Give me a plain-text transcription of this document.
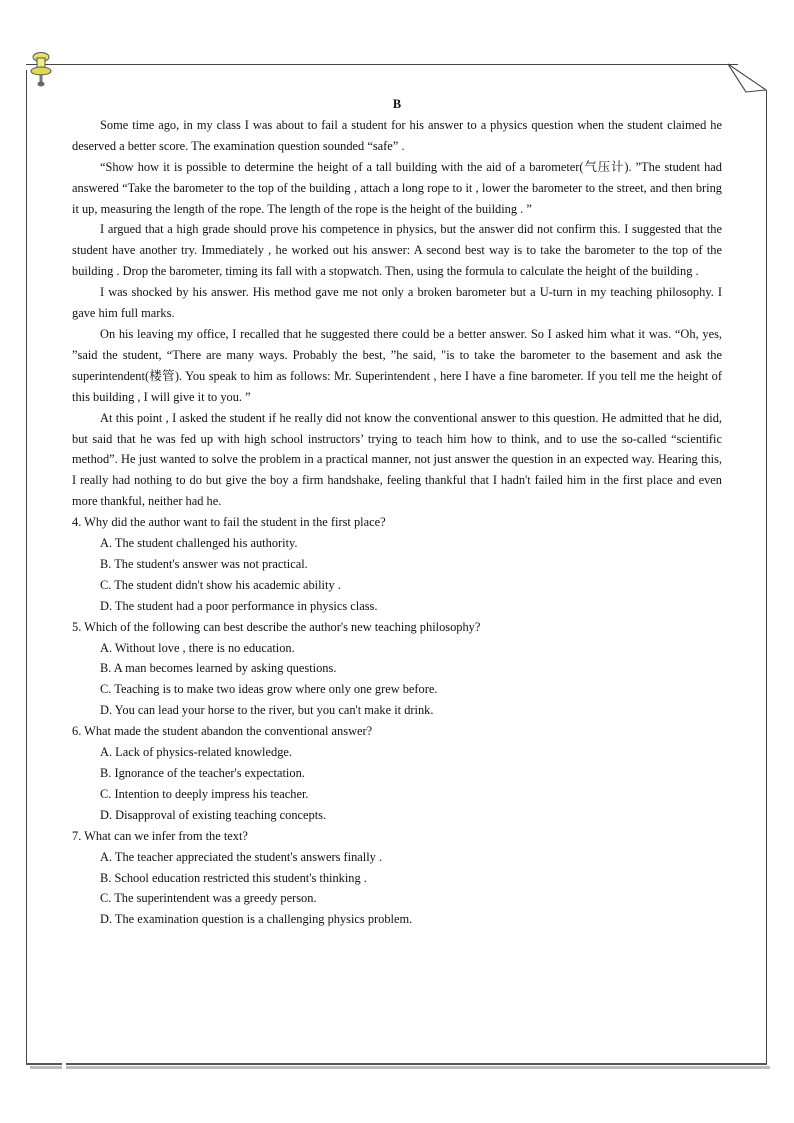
B

Some time ago, in my class I was about to fail a student for his answer to a physics question when the student claimed he deserved a better score. The examination question sounded “safe” .

“Show how it is possible to determine the height of a tall building with the aid of a barometer(气压计). ”The student had answered “Take the barometer to the top of the building , attach a long rope to it , lower the barometer to the street, and then bring it up, measuring the length of the rope. The length of the rope is the height of the building . ”

I argued that a high grade should prove his competence in physics, but the answer did not confirm this. I suggested that the student have another try. Immediately , he worked out his answer: A second best way is to take the barometer to the top of the building . Drop the barometer, timing its fall with a stopwatch. Then, using the formula to calculate the height of the building .

I was shocked by his answer. His method gave me not only a broken barometer but a U-turn in my teaching philosophy. I gave him full marks.

On his leaving my office, I recalled that he suggested there could be a better answer. So I asked him what it was. “Oh, yes, ”said the student, “There are many ways. Probably the best, ”he said, "is to take the barometer to the basement and ask the superintendent(楼管). You speak to him as follows: Mr. Superintendent , here I have a fine barometer. If you tell me the height of this building , I will give it to you. ”

At this point , I asked the student if he really did not know the conventional answer to this question. He admitted that he did, but said that he was fed up with high school instructors’ trying to teach him how to think, and to use the so-called “scientific method”. He just wanted to solve the problem in a practical manner, not just answer the question in an expected way. Hearing this, I really had nothing to do but give the boy a firm handshake, feeling thankful that I hadn't failed him in the first place and even more thankful, neither had he.

4. Why did the author want to fail the student in the first place?

A. The student challenged his authority.

B. The student's answer was not practical.

C. The student didn't show his academic ability .

D. The student had a poor performance in physics class.

5. Which of the following can best describe the author's new teaching philosophy?

A. Without love , there is no education.

B. A man becomes learned by asking questions.

C. Teaching is to make two ideas grow where only one grew before.

D. You can lead your horse to the river, but you can't make it drink.

6. What made the student abandon the conventional answer?

A. Lack of physics-related knowledge.

B. Ignorance of the teacher's expectation.

C. Intention to deeply impress his teacher.

D. Disapproval of existing teaching concepts.

7. What can we infer from the text?

A. The teacher appreciated the student's answers finally .

B. School education restricted this student's thinking .

C. The superintendent was a greedy person.

D. The examination question is a challenging physics problem.
